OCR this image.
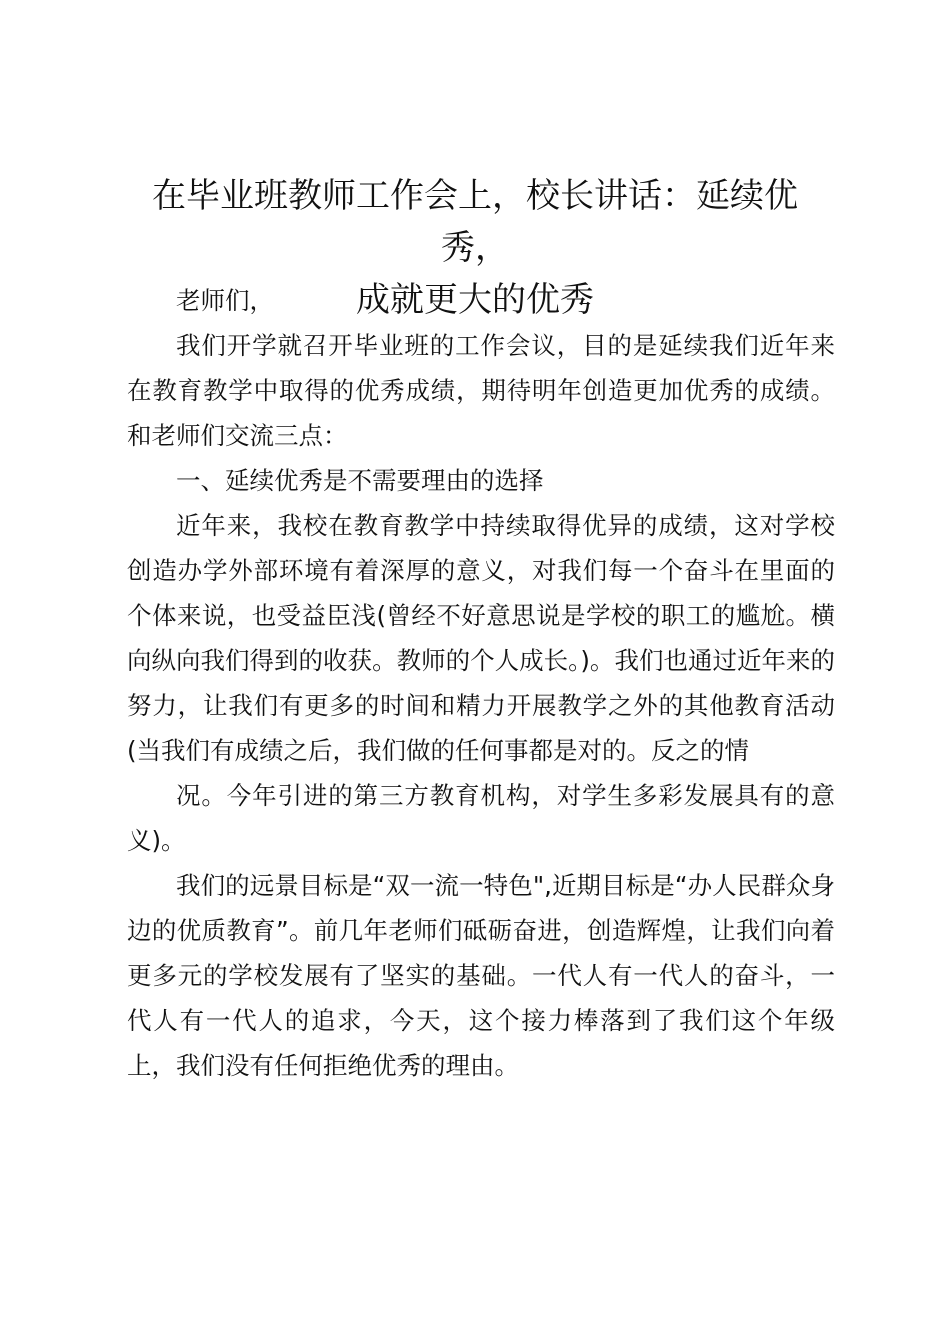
在毕业班教师工作会上，校长讲话：延续优秀，
成就更大的优秀

老师们，

我们开学就召开毕业班的工作会议，目的是延续我们近年来在教育教学中取得的优秀成绩，期待明年创造更加优秀的成绩。和老师们交流三点：

一、延续优秀是不需要理由的选择

近年来，我校在教育教学中持续取得优异的成绩，这对学校创造办学外部环境有着深厚的意义，对我们每一个奋斗在里面的个体来说，也受益臣浅(曾经不好意思说是学校的职工的尴尬。横向纵向我们得到的收获。教师的个人成长。)。我们也通过近年来的努力，让我们有更多的时间和精力开展教学之外的其他教育活动(当我们有成绩之后，我们做的任何事都是对的。反之的情

况。今年引进的第三方教育机构，对学生多彩发展具有的意义)。

我们的远景目标是“双一流一特色",近期目标是“办人民群众身边的优质教育”。前几年老师们砥砺奋进，创造辉煌，让我们向着更多元的学校发展有了坚实的基础。一代人有一代人的奋斗，一代人有一代人的追求，今天，这个接力棒落到了我们这个年级上，我们没有任何拒绝优秀的理由。
